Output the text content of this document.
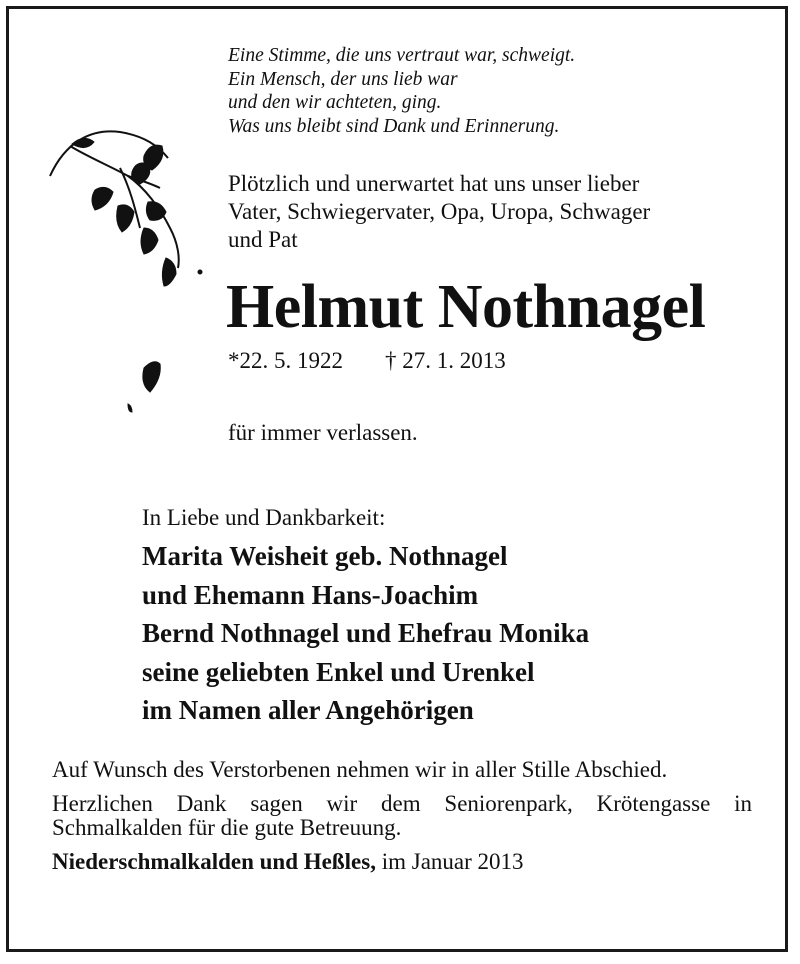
Eine Stimme, die uns vertraut war, schweigt.
Ein Mensch, der uns lieb war
und den wir achteten, ging.
Was uns bleibt sind Dank und Erinnerung.
Plötzlich und unerwartet hat uns unser lieber
Vater, Schwiegervater, Opa, Uropa, Schwager
und Pat
Helmut Nothnagel
*22. 5. 1922 † 27. 1. 2013
für immer verlassen.
In Liebe und Dankbarkeit:
Marita Weisheit geb. Nothnagel
und Ehemann Hans-Joachim
Bernd Nothnagel und Ehefrau Monika
seine geliebten Enkel und Urenkel
im Namen aller Angehörigen

Auf Wunsch des Verstorbenen nehmen wir in aller Stille Abschied.

Herzlichen Dank sagen wir dem Seniorenpark, Krötengasse in Schmalkalden für die gute Betreuung.

Niederschmalkalden und Heßles, im Januar 2013
